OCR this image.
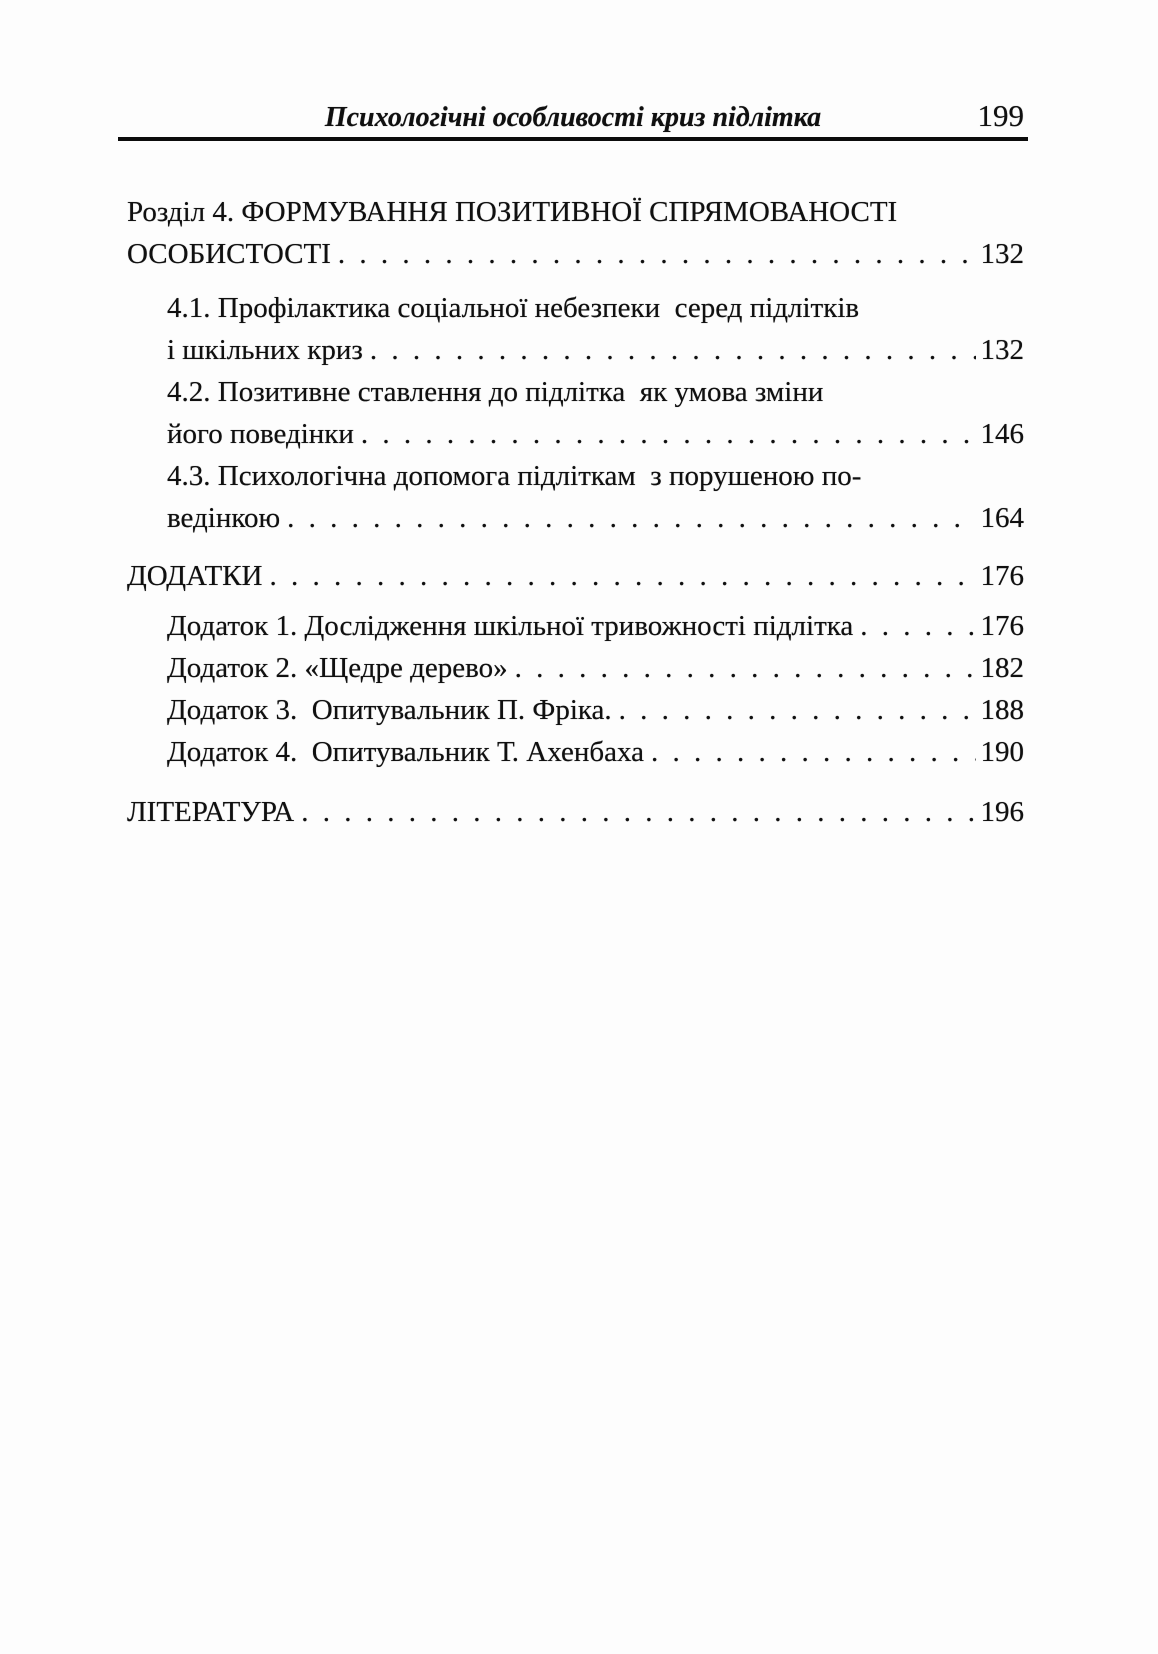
Психологічні особливості криз підлітка	199
Розділ 4. ФОРМУВАННЯ ПОЗИТИВНОЇ СПРЯМОВАНОСТІ
ОСОБИСТОСТІ . . .	132
4.1. Профілактика соціальної небезпеки  серед підлітків
і шкільних криз . . .	132
4.2. Позитивне ставлення до підлітка  як умова зміни
його поведінки . . .	146
4.3. Психологічна допомога підліткам  з порушеною по-
ведінкою . . .	164
ДОДАТКИ . . .	176
Додаток 1. Дослідження шкільної тривожності підлітка . . .	176
Додаток 2. «Щедре дерево» . . .	182
Додаток 3.  Опитувальник П. Фріка. . . .	188
Додаток 4.  Опитувальник Т. Ахенбаха . . .	190
ЛІТЕРАТУРА . . .	196
